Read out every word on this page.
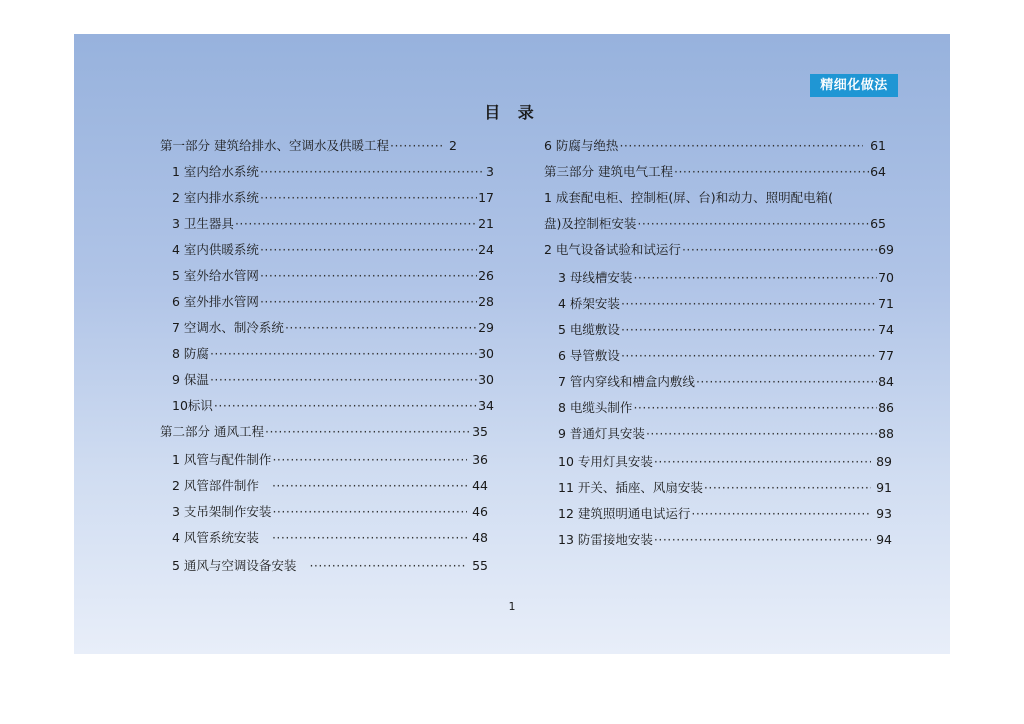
精细化做法
目 录
第一部分 建筑给排水、空调水及供暖工程 ·····	2
1 室内给水系统 ·····	3
2 室内排水系统 ·····	17
3 卫生器具 ·····	21
4 室内供暖系统 ·····	24
5 室外给水管网 ·····	26
6 室外排水管网 ·····	28
7 空调水、制冷系统 ·····	29
8 防腐 ·····	30
9 保温 ·····	30
10标识 ·····	34
第二部分 通风工程 ·····	35
1 风管与配件制作 ·····	36
2 风管部件制作 ·····	44
3 支吊架制作安装 ·····	46
4 风管系统安装 ·····	48
5 通风与空调设备安装 ·····	55
6 防腐与绝热 ·····	61
第三部分 建筑电气工程 ·····	64
1 成套配电柜、控制柜(屏、台)和动力、照明配电箱(
盘)及控制柜安装 ·····	65
2 电气设备试验和试运行 ·····	69
3 母线槽安装 ·····	70
4 桥架安装 ·····	71
5 电缆敷设 ·····	74
6 导管敷设 ·····	77
7 管内穿线和槽盒内敷线 ·····	84
8 电缆头制作 ·····	86
9 普通灯具安装 ·····	88
10 专用灯具安装 ·····	89
11 开关、插座、风扇安装 ·····	91
12 建筑照明通电试运行 ·····	93
13 防雷接地安装 ·····	94
1
